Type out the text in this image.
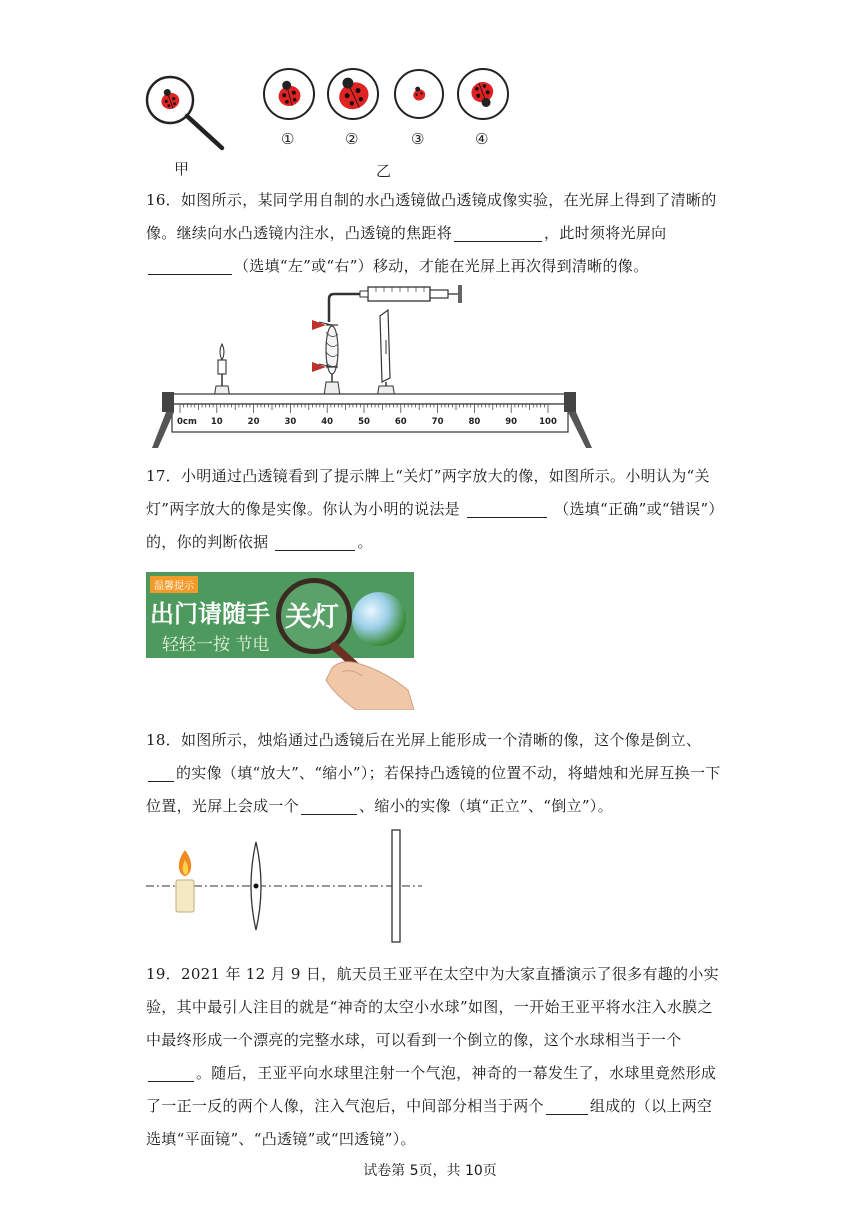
①	②	③	④
甲	乙
16．如图所示，某同学用自制的水凸透镜做凸透镜成像实验，在光屏上得到了清晰的像。继续向水凸透镜内注水，凸透镜的焦距将	，此时须将光屏向（选填“左”或“右”）移动，才能在光屏上再次得到清晰的像。
0cm 10	20	30	40	50	60	70	80	90	100
17．小明通过凸透镜看到了提示牌上“关灯”两字放大的像，如图所示。小明认为“关灯”两字放大的像是实像。你认为小明的说法是	（选填“正确”或“错误”）的，你的判断依据	。
温馨提示
出门请随手
轻轻一按 节电
关灯
18．如图所示，烛焰通过凸透镜后在光屏上能形成一个清晰的像，这个像是倒立、的实像（填“放大”、“缩小”）；若保持凸透镜的位置不动，将蜡烛和光屏互换一下位置，光屏上会成一个	、缩小的实像（填“正立”、“倒立”）。
19．2021 年 12 月 9 日，航天员王亚平在太空中为大家直播演示了很多有趣的小实验，其中最引人注目的就是“神奇的太空小水球”如图，一开始王亚平将水注入水膜之中最终形成一个漂亮的完整水球，可以看到一个倒立的像，这个水球相当于一个。随后，王亚平向水球里注射一个气泡，神奇的一幕发生了，水球里竟然形成了一正一反的两个人像，注入气泡后，中间部分相当于两个	组成的（以上两空选填“平面镜”、“凸透镜”或“凹透镜”）。
试卷第 5页，共 10页
